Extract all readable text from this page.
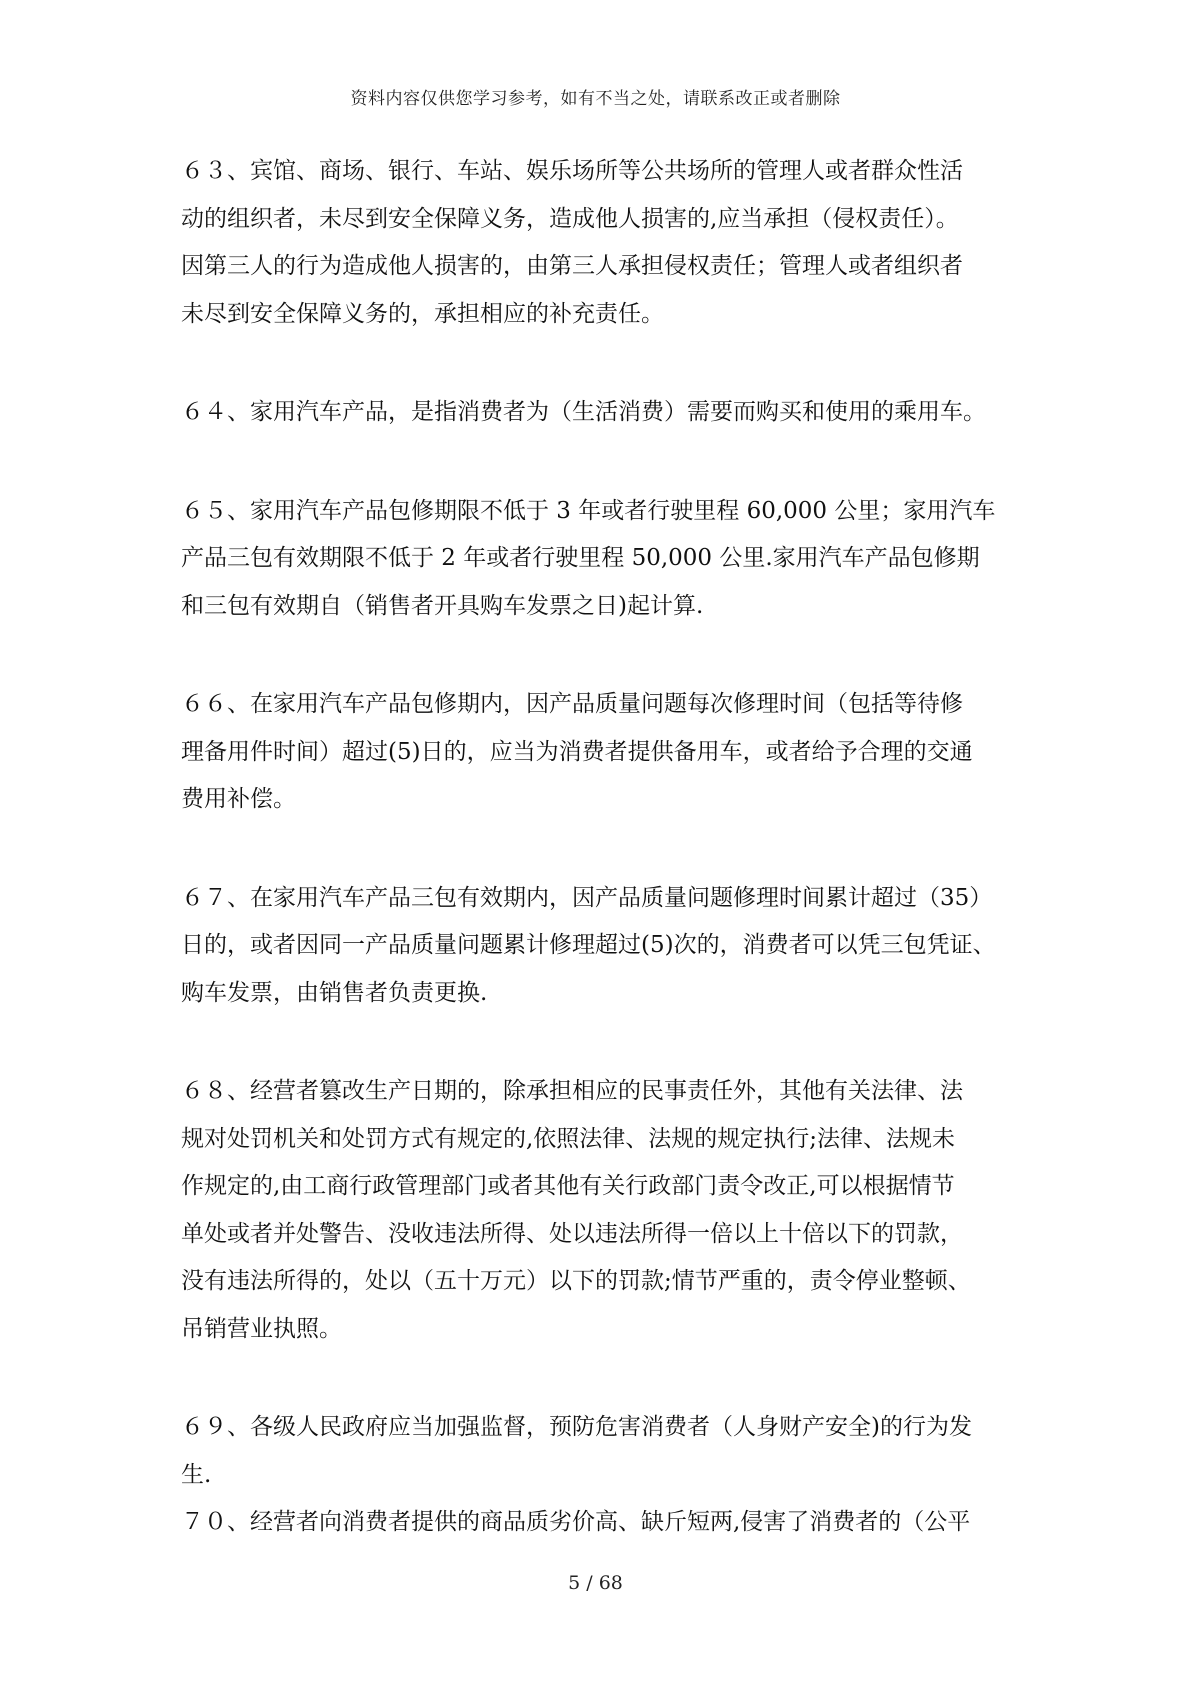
资料内容仅供您学习参考，如有不当之处，请联系改正或者删除

６３、宾馆、商场、银行、车站、娱乐场所等公共场所的管理人或者群众性活
动的组织者，未尽到安全保障义务，造成他人损害的,应当承担（侵权责任）。
因第三人的行为造成他人损害的，由第三人承担侵权责任；管理人或者组织者
未尽到安全保障义务的，承担相应的补充责任。

６４、家用汽车产品，是指消费者为（生活消费）需要而购买和使用的乘用车。

６５、家用汽车产品包修期限不低于 3 年或者行驶里程 60,000 公里；家用汽车
产品三包有效期限不低于 2 年或者行驶里程 50,000 公里.家用汽车产品包修期
和三包有效期自（销售者开具购车发票之日)起计算.

６６、在家用汽车产品包修期内，因产品质量问题每次修理时间（包括等待修
理备用件时间）超过(5)日的，应当为消费者提供备用车，或者给予合理的交通
费用补偿。

６７、在家用汽车产品三包有效期内，因产品质量问题修理时间累计超过（35）
日的，或者因同一产品质量问题累计修理超过(5)次的，消费者可以凭三包凭证、
购车发票，由销售者负责更换.

６８、经营者篡改生产日期的，除承担相应的民事责任外，其他有关法律、法
规对处罚机关和处罚方式有规定的,依照法律、法规的规定执行;法律、法规未
作规定的,由工商行政管理部门或者其他有关行政部门责令改正,可以根据情节
单处或者并处警告、没收违法所得、处以违法所得一倍以上十倍以下的罚款，
没有违法所得的，处以（五十万元）以下的罚款;情节严重的，责令停业整顿、
吊销营业执照。

６９、各级人民政府应当加强监督，预防危害消费者（人身财产安全)的行为发
生.

７０、经营者向消费者提供的商品质劣价高、缺斤短两,侵害了消费者的（公平

5 / 68
